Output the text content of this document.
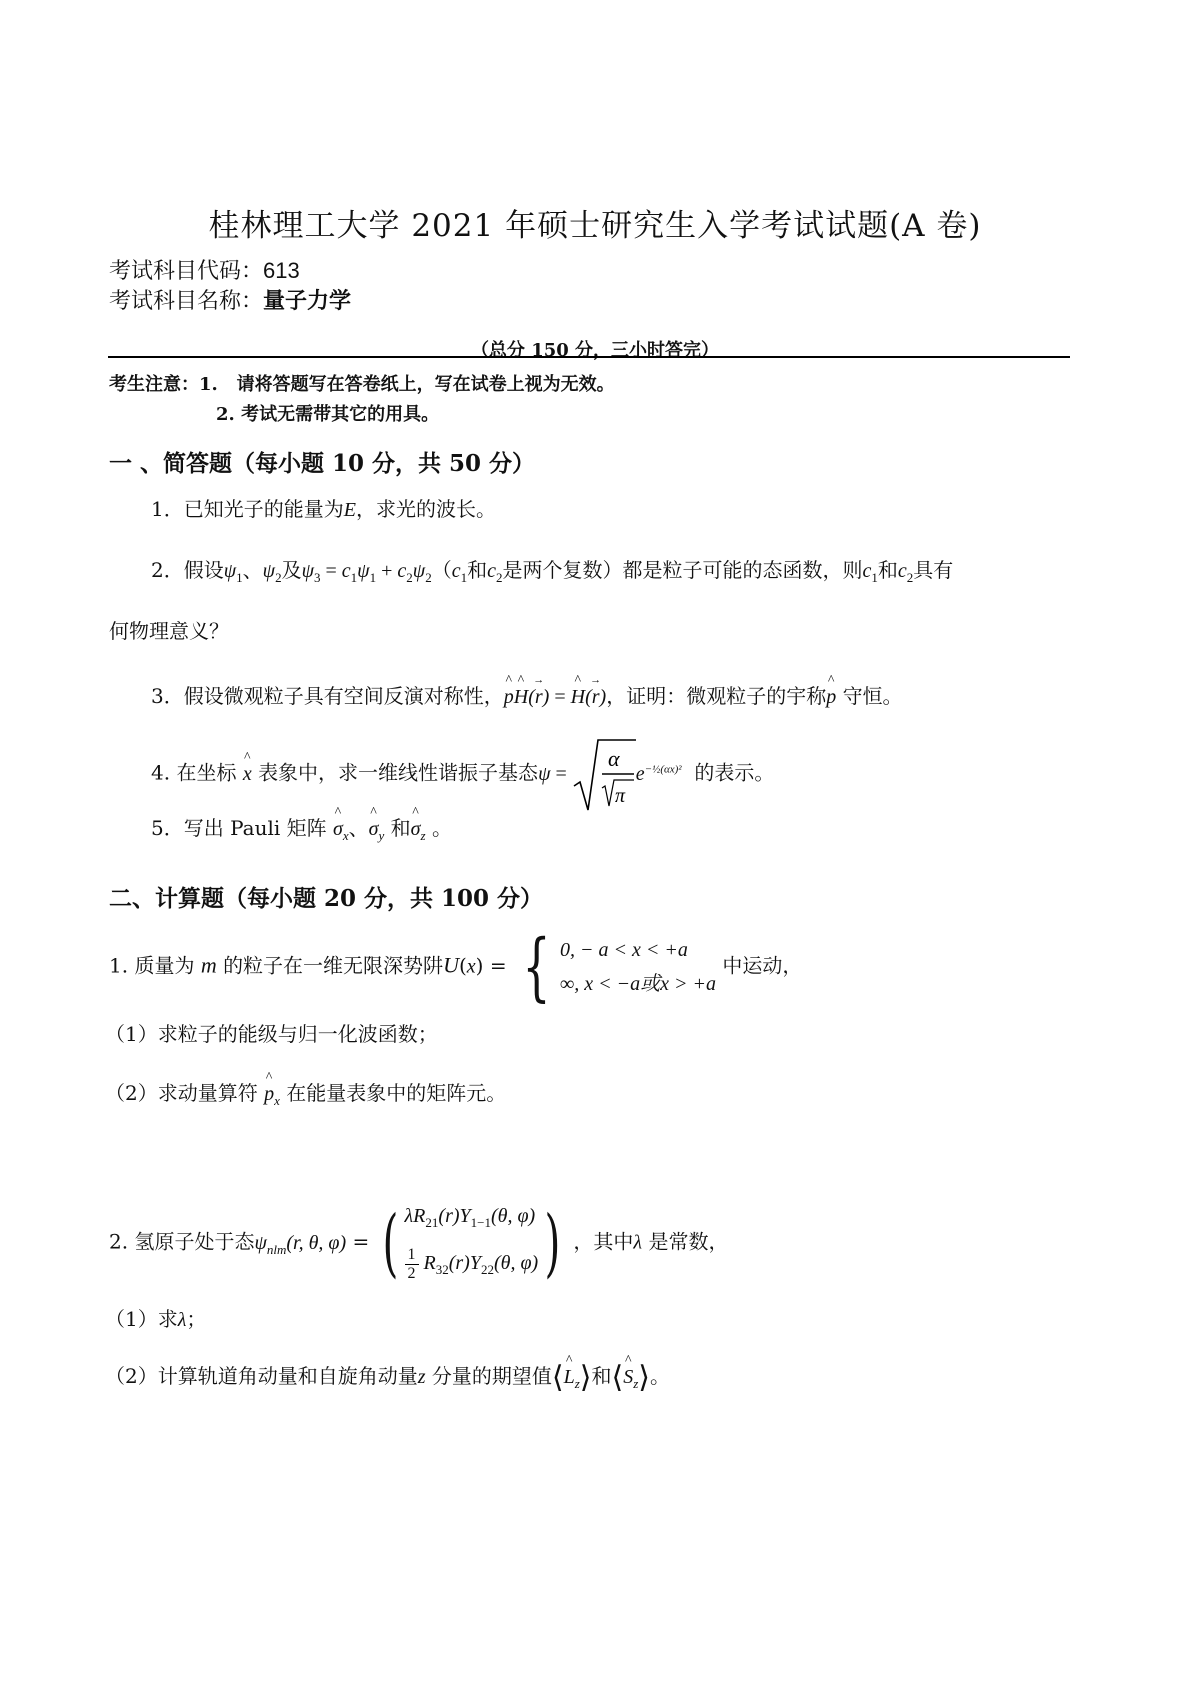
桂林理工大学 2021 年硕士研究生入学考试试题(A 卷)
考试科目代码：613
考试科目名称：量子力学
（总分 150 分，三小时答完）
考生注意：1. 请将答题写在答卷纸上，写在试卷上视为无效。
2. 考试无需带其它的用具。
一 、简答题（每小题 10 分，共 50 分）
1．已知光子的能量为E，求光的波长。
2．假设$\psi_1$、$\psi_2$及$\psi_3 = c_1\psi_1 + c_2\psi_2(c_1$和$c_2$是两个复数）都是粒子可能的态函数，则$c_1$和$c_2$具有
何物理意义？
3．假设微观粒子具有空间反演对称性，^ p^ H(→ r) = ^ H(→ r)，证明：微观粒子的宇称^ p 守恒。
4. 在坐标 ^ x 表象中，求一维线性谐振子基态ψ =
α
π
$e^{-\frac{1}{2}(\alpha x)^2}$ 的表示。
5．写出 Pauli 矩阵 ^ $\sigma_x$、^ $\sigma_y$ 和^ $\sigma_z$ 。
二、计算题（每小题 20 分，共 100 分）
1. 质量为 m 的粒子在一维无限深势阱U(x) = { 0, − a < x < +a
∞, x < −a或x > +a
中运动，
（1）求粒子的能级与归一化波函数；
（2）求动量算符 ^ $p_x$ 在能量表象中的矩阵元。
2. 氢原子处于态$\psi_{nlm}(r$, θ, φ) = ( $\lambda R_{21}(r)Y_{1-1}(\theta$, φ)
$\frac{1}{2} R_{32}(r)Y_{22}(\theta$, φ) ) ，其中λ 是常数，
（1）求λ；
（2）计算轨道角动量和自旋角动量z 分量的期望值⟨^ $L_z⟩$和⟨^ $S_z⟩$。
